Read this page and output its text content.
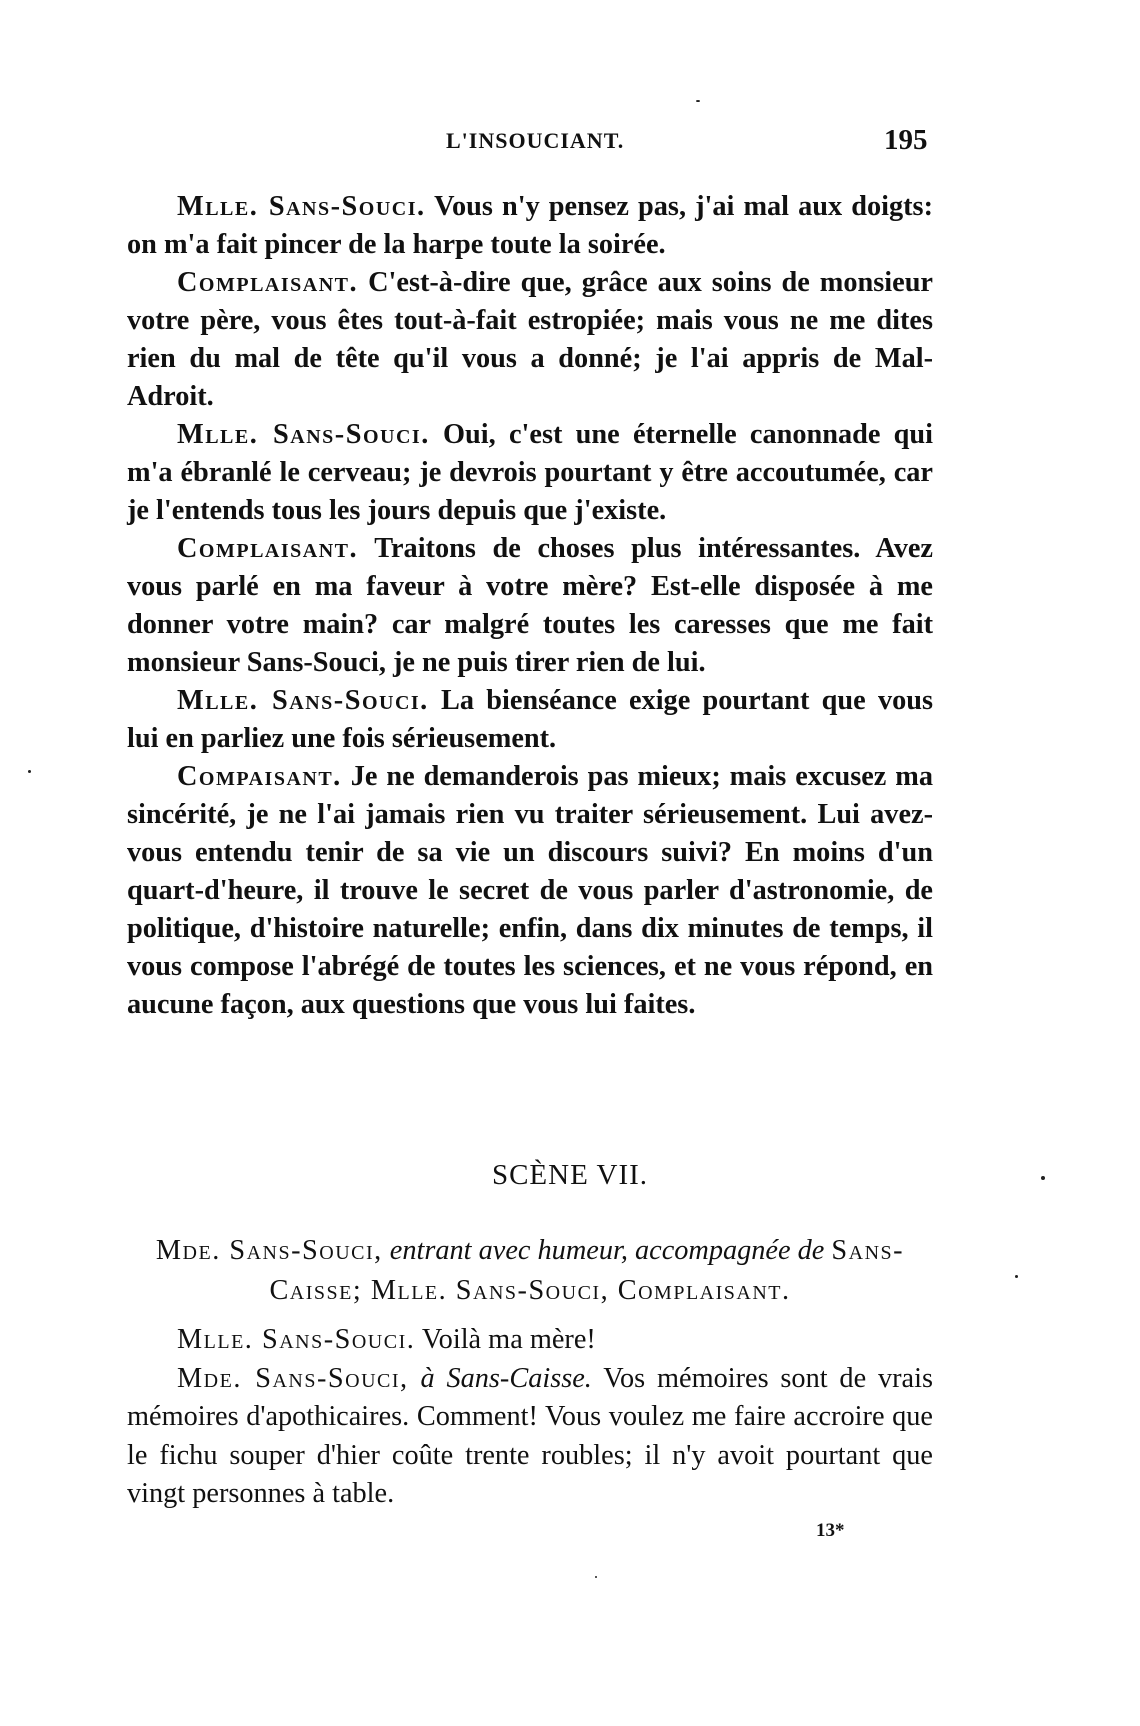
L'INSOUCIANT.	195

Mlle. Sans-Souci. Vous n'y pensez pas, j'ai mal aux doigts: on m'a fait pincer de la harpe toute la soirée.

Complaisant. C'est-à-dire que, grâce aux soins de monsieur votre père, vous êtes tout-à-fait estropiée; mais vous ne me dites rien du mal de tête qu'il vous a donné; je l'ai appris de Mal-Adroit.

Mlle. Sans-Souci. Oui, c'est une éternelle canonnade qui m'a ébranlé le cerveau; je devrois pourtant y être accoutumée, car je l'entends tous les jours depuis que j'existe.

Complaisant. Traitons de choses plus intéressantes. Avez vous parlé en ma faveur à votre mère? Est-elle disposée à me donner votre main? car malgré toutes les caresses que me fait monsieur Sans-Souci, je ne puis tirer rien de lui.

Mlle. Sans-Souci. La bienséance exige pourtant que vous lui en parliez une fois sérieusement.

Compaisant. Je ne demanderois pas mieux; mais excusez ma sincérité, je ne l'ai jamais rien vu traiter sérieusement. Lui avez-vous entendu tenir de sa vie un discours suivi? En moins d'un quart-d'heure, il trouve le secret de vous parler d'astronomie, de politique, d'histoire naturelle; enfin, dans dix minutes de temps, il vous compose l'abrégé de toutes les sciences, et ne vous répond, en aucune façon, aux questions que vous lui faites.

SCÈNE VII.
Mde. Sans-Souci, entrant avec humeur, accompagnée de Sans-Caisse; Mlle. Sans-Souci, Complaisant.

Mlle. Sans-Souci. Voilà ma mère!

Mde. Sans-Souci, à Sans-Caisse. Vos mémoires sont de vrais mémoires d'apothicaires. Comment! Vous voulez me faire accroire que le fichu souper d'hier coûte trente roubles; il n'y avoit pourtant que vingt personnes à table.

13*
